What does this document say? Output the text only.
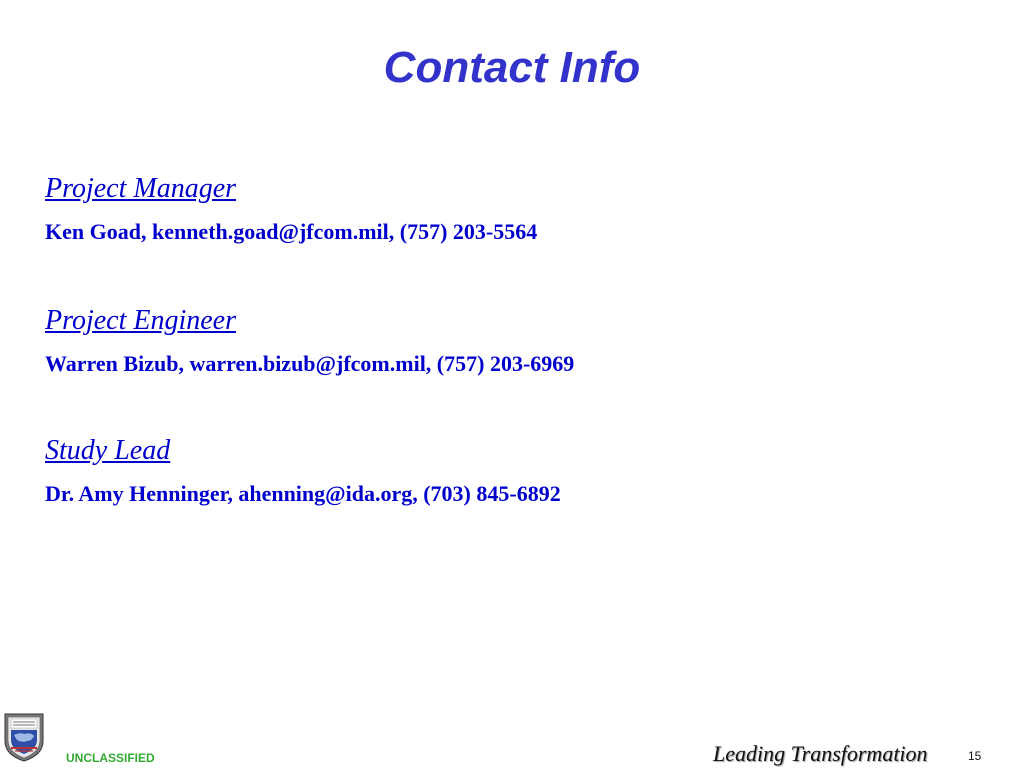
Contact Info
Project Manager
Ken Goad, kenneth.goad@jfcom.mil, (757) 203-5564
Project Engineer
Warren Bizub, warren.bizub@jfcom.mil, (757) 203-6969
Study Lead
Dr. Amy Henninger, ahenning@ida.org, (703) 845-6892
UNCLASSIFIED	Leading Transformation	15
